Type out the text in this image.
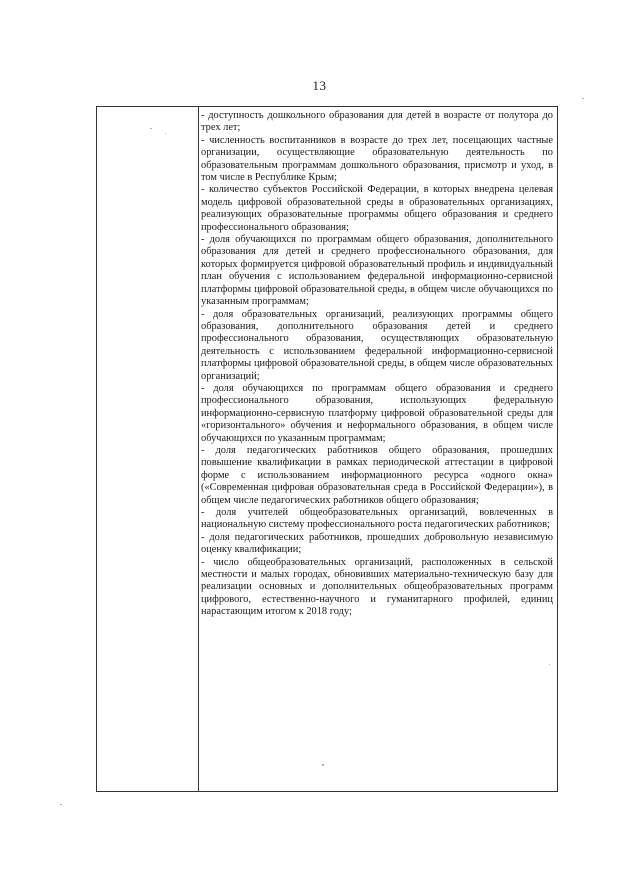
13

- доступность дошкольного образования для детей в возрасте от полутора до трех лет;

- численность воспитанников в возрасте до трех лет, посещающих частные организации, осуществляющие образовательную деятельность по образовательным программам дошкольного образования, присмотр и уход, в том числе в Республике Крым;

- количество субъектов Российской Федерации, в которых внедрена целевая модель цифровой образовательной среды в образовательных организациях, реализующих образовательные программы общего образования и среднего профессионального образования;

- доля обучающихся по программам общего образования, дополнительного образования для детей и среднего профессионального образования, для которых формируется цифровой образовательный профиль и индивидуальный план обучения с использованием федеральной информационно-сервисной платформы цифровой образовательной среды, в общем числе обучающихся по указанным программам;

- доля образовательных организаций, реализующих программы общего образования, дополнительного образования детей и среднего профессионального образования, осуществляющих образовательную деятельность с использованием федеральной информационно-сервисной платформы цифровой образовательной среды, в общем числе образовательных организаций;

- доля обучающихся по программам общего образования и среднего профессионального образования, использующих федеральную информационно-сервисную платформу цифровой образовательной среды для «горизонтального» обучения и неформального образования, в общем числе обучающихся по указанным программам;

- доля педагогических работников общего образования, прошедших повышение квалификации в рамках периодической аттестации в цифровой форме с использованием информационного ресурса «одного окна» («Современная цифровая образовательная среда в Российской Федерации»), в общем числе педагогических работников общего образования;

- доля учителей общеобразовательных организаций, вовлеченных в национальную систему профессионального роста педагогических работников;

- доля педагогических работников, прошедших добровольную независимую оценку квалификации;

- число общеобразовательных организаций, расположенных в сельской местности и малых городах, обновивших материально-техническую базу для реализации основных и дополнительных общеобразовательных программ цифрового, естественно-научного и гуманитарного профилей, единиц нарастающим итогом к 2018 году;
